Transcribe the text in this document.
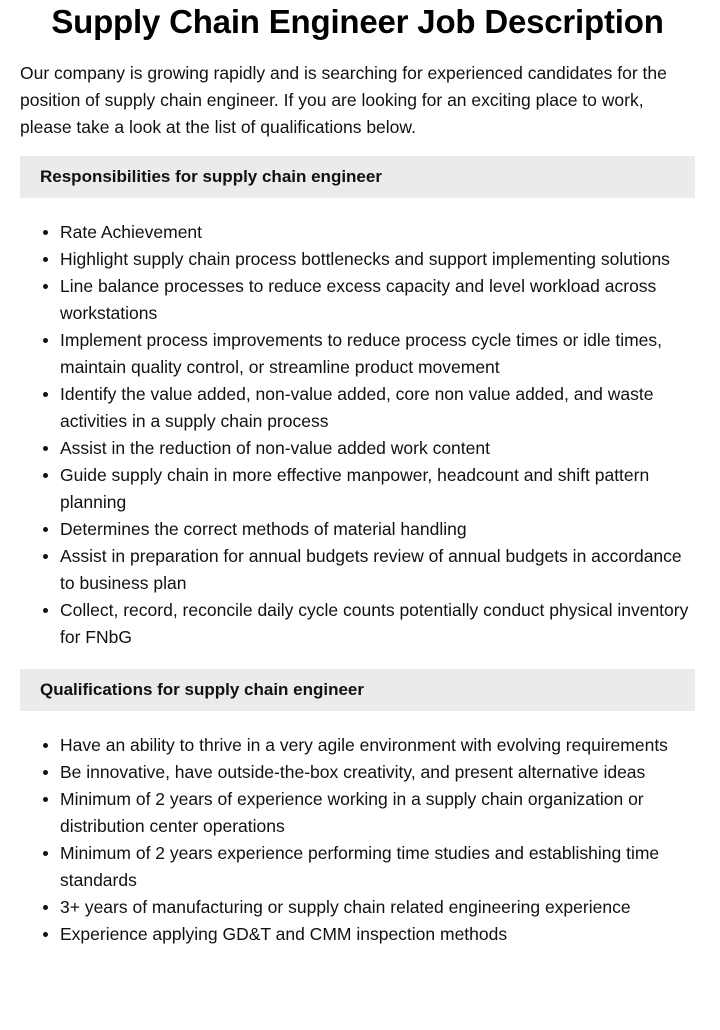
Supply Chain Engineer Job Description

Our company is growing rapidly and is searching for experienced candidates for the position of supply chain engineer. If you are looking for an exciting place to work, please take a look at the list of qualifications below.

Responsibilities for supply chain engineer
Rate Achievement
Highlight supply chain process bottlenecks and support implementing solutions
Line balance processes to reduce excess capacity and level workload across workstations
Implement process improvements to reduce process cycle times or idle times, maintain quality control, or streamline product movement
Identify the value added, non-value added, core non value added, and waste activities in a supply chain process
Assist in the reduction of non-value added work content
Guide supply chain in more effective manpower, headcount and shift pattern planning
Determines the correct methods of material handling
Assist in preparation for annual budgets review of annual budgets in accordance to business plan
Collect, record, reconcile daily cycle counts potentially conduct physical inventory for FNbG
Qualifications for supply chain engineer
Have an ability to thrive in a very agile environment with evolving requirements
Be innovative, have outside-the-box creativity, and present alternative ideas
Minimum of 2 years of experience working in a supply chain organization or distribution center operations
Minimum of 2 years experience performing time studies and establishing time standards
3+ years of manufacturing or supply chain related engineering experience
Experience applying GD&T and CMM inspection methods
